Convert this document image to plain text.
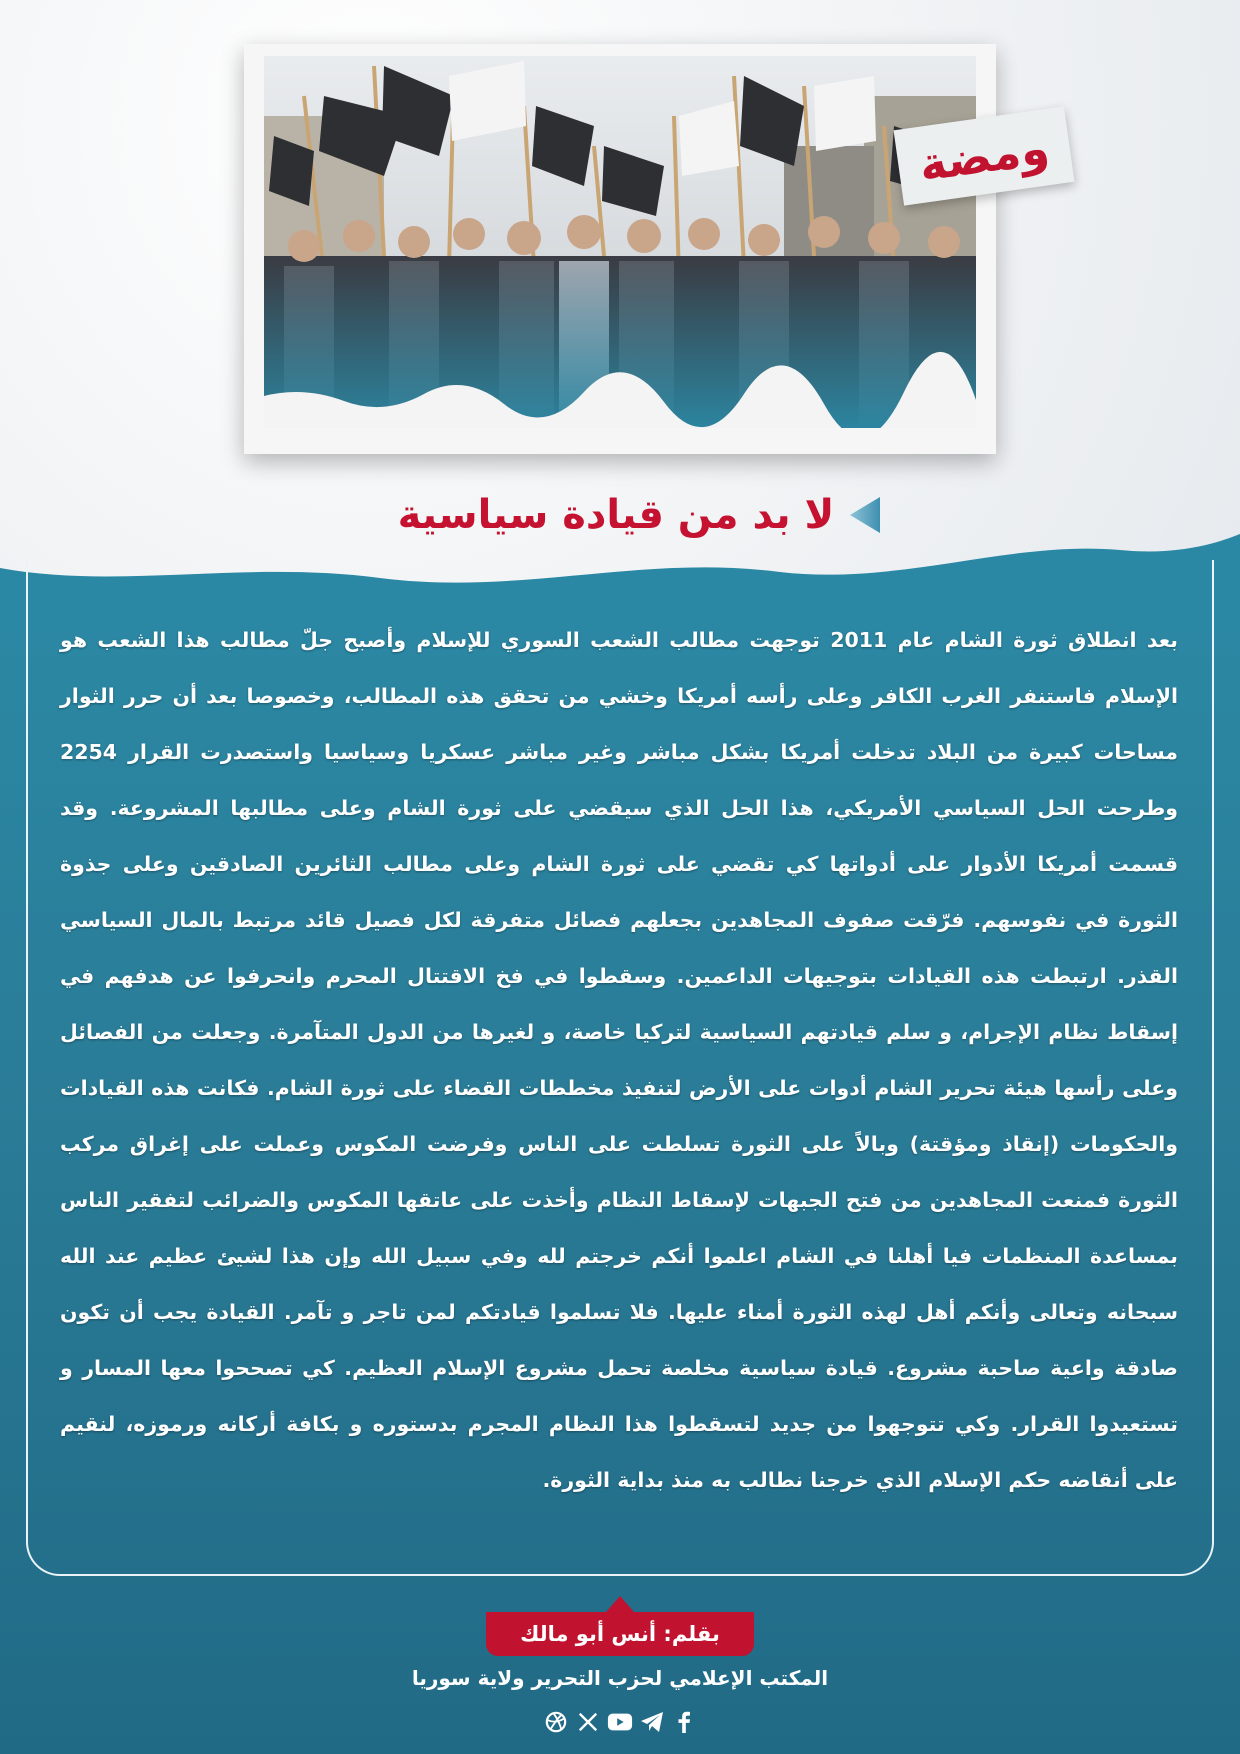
ومضة
لا بد من قيادة سياسية
بعد انطلاق ثورة الشام عام 2011 توجهت مطالب الشعب السوري للإسلام وأصبح جلّ مطالب هذا الشعب هو الإسلام فاستنفر الغرب الكافر وعلى رأسه أمريكا وخشي من تحقق هذه المطالب، وخصوصا بعد أن حرر الثوار مساحات كبيرة من البلاد تدخلت أمريكا بشكل مباشر وغير مباشر عسكريا وسياسيا واستصدرت القرار 2254 وطرحت الحل السياسي الأمريكي، هذا الحل الذي سيقضي على ثورة الشام وعلى مطالبها المشروعة. وقد قسمت أمريكا الأدوار على أدواتها كي تقضي على ثورة الشام وعلى مطالب الثائرين الصادقين وعلى جذوة الثورة في نفوسهم. فرّقت صفوف المجاهدين بجعلهم فصائل متفرقة لكل فصيل قائد مرتبط بالمال السياسي القذر. ارتبطت هذه القيادات بتوجيهات الداعمين. وسقطوا في فخ الاقتتال المحرم وانحرفوا عن هدفهم في إسقاط نظام الإجرام، و سلم قيادتهم السياسية لتركيا خاصة، و لغيرها من الدول المتآمرة. وجعلت من الفصائل وعلى رأسها هيئة تحرير الشام أدوات على الأرض لتنفيذ مخططات القضاء على ثورة الشام. فكانت هذه القيادات والحكومات (إنقاذ ومؤقتة) وبالاً على الثورة تسلطت على الناس وفرضت المكوس وعملت على إغراق مركب الثورة فمنعت المجاهدين من فتح الجبهات لإسقاط النظام وأخذت على عاتقها المكوس والضرائب لتفقير الناس بمساعدة المنظمات فيا أهلنا في الشام اعلموا أنكم خرجتم لله وفي سبيل الله وإن هذا لشيئ عظيم عند الله سبحانه وتعالى وأنكم أهل لهذه الثورة أمناء عليها. فلا تسلموا قيادتكم لمن تاجر و تآمر. القيادة يجب أن تكون صادقة واعية صاحبة مشروع. قيادة سياسية مخلصة تحمل مشروع الإسلام العظيم. كي تصححوا معها المسار و تستعيدوا القرار. وكي تتوجهوا من جديد لتسقطوا هذا النظام المجرم بدستوره و بكافة أركانه ورموزه، لنقيم على أنقاضه حكم الإسلام الذي خرجنا نطالب به منذ بداية الثورة.
بقلم: أنس أبو مالك
المكتب الإعلامي لحزب التحرير ولاية سوريا
